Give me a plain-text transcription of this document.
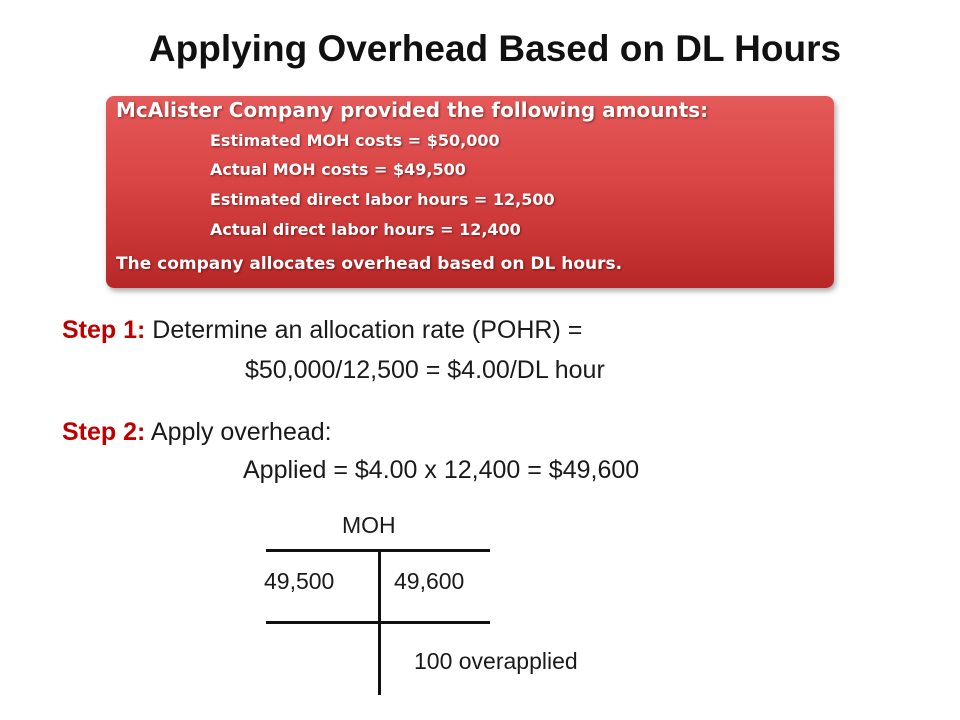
Applying Overhead Based on DL Hours
McAlister Company provided the following amounts:
Estimated MOH costs = $50,000
Actual MOH costs = $49,500
Estimated direct labor hours = 12,500
Actual direct labor hours = 12,400
The company allocates overhead based on DL hours.
Step 1: Determine an allocation rate (POHR) =
$50,000/12,500 = $4.00/DL hour
Step 2: Apply overhead:
Applied = $4.00 x 12,400 = $49,600
MOH
49,500	49,600
100 overapplied
